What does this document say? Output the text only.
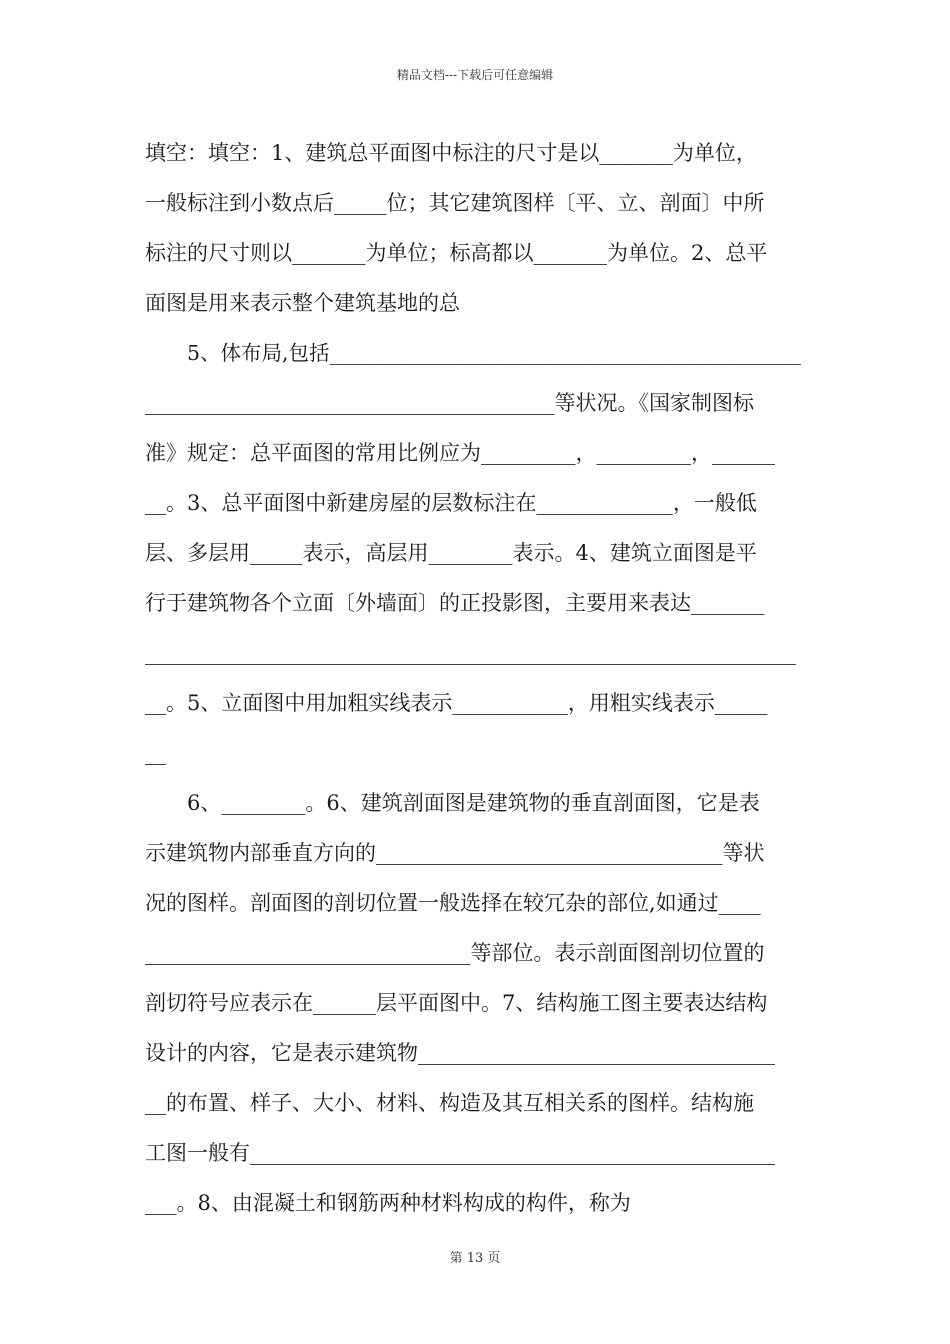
精品文档---下载后可任意编辑
填空：填空：1、建筑总平面图中标注的尺寸是以_______为单位，
一般标注到小数点后_____位；其它建筑图样〔平、立、剖面〕中所
标注的尺寸则以_______为单位；标高都以_______为单位。2、总平
面图是用来表示整个建筑基地的总
5、体布局,包括______________________________________________
_______________________________________等状况。《国家制图标
准》规定：总平面图的常用比例应为_________，_________，______
__。3、总平面图中新建房屋的层数标注在_____________，一般低
层、多层用_____表示，高层用________表示。4、建筑立面图是平
行于建筑物各个立面〔外墙面〕的正投影图，主要用来表达_______
______________________________________________________________
__。5、立面图中用加粗实线表示___________，用粗实线表示_____
__
6、________。6、建筑剖面图是建筑物的垂直剖面图，它是表
示建筑物内部垂直方向的_________________________________等状
况的图样。剖面图的剖切位置一般选择在较冗杂的部位,如通过____
_______________________________等部位。表示剖面图剖切位置的
剖切符号应表示在______层平面图中。7、结构施工图主要表达结构
设计的内容，它是表示建筑物__________________________________
__的布置、样子、大小、材料、构造及其互相关系的图样。结构施
工图一般有__________________________________________________
___。8、由混凝土和钢筋两种材料构成的构件，称为
第 13 页
